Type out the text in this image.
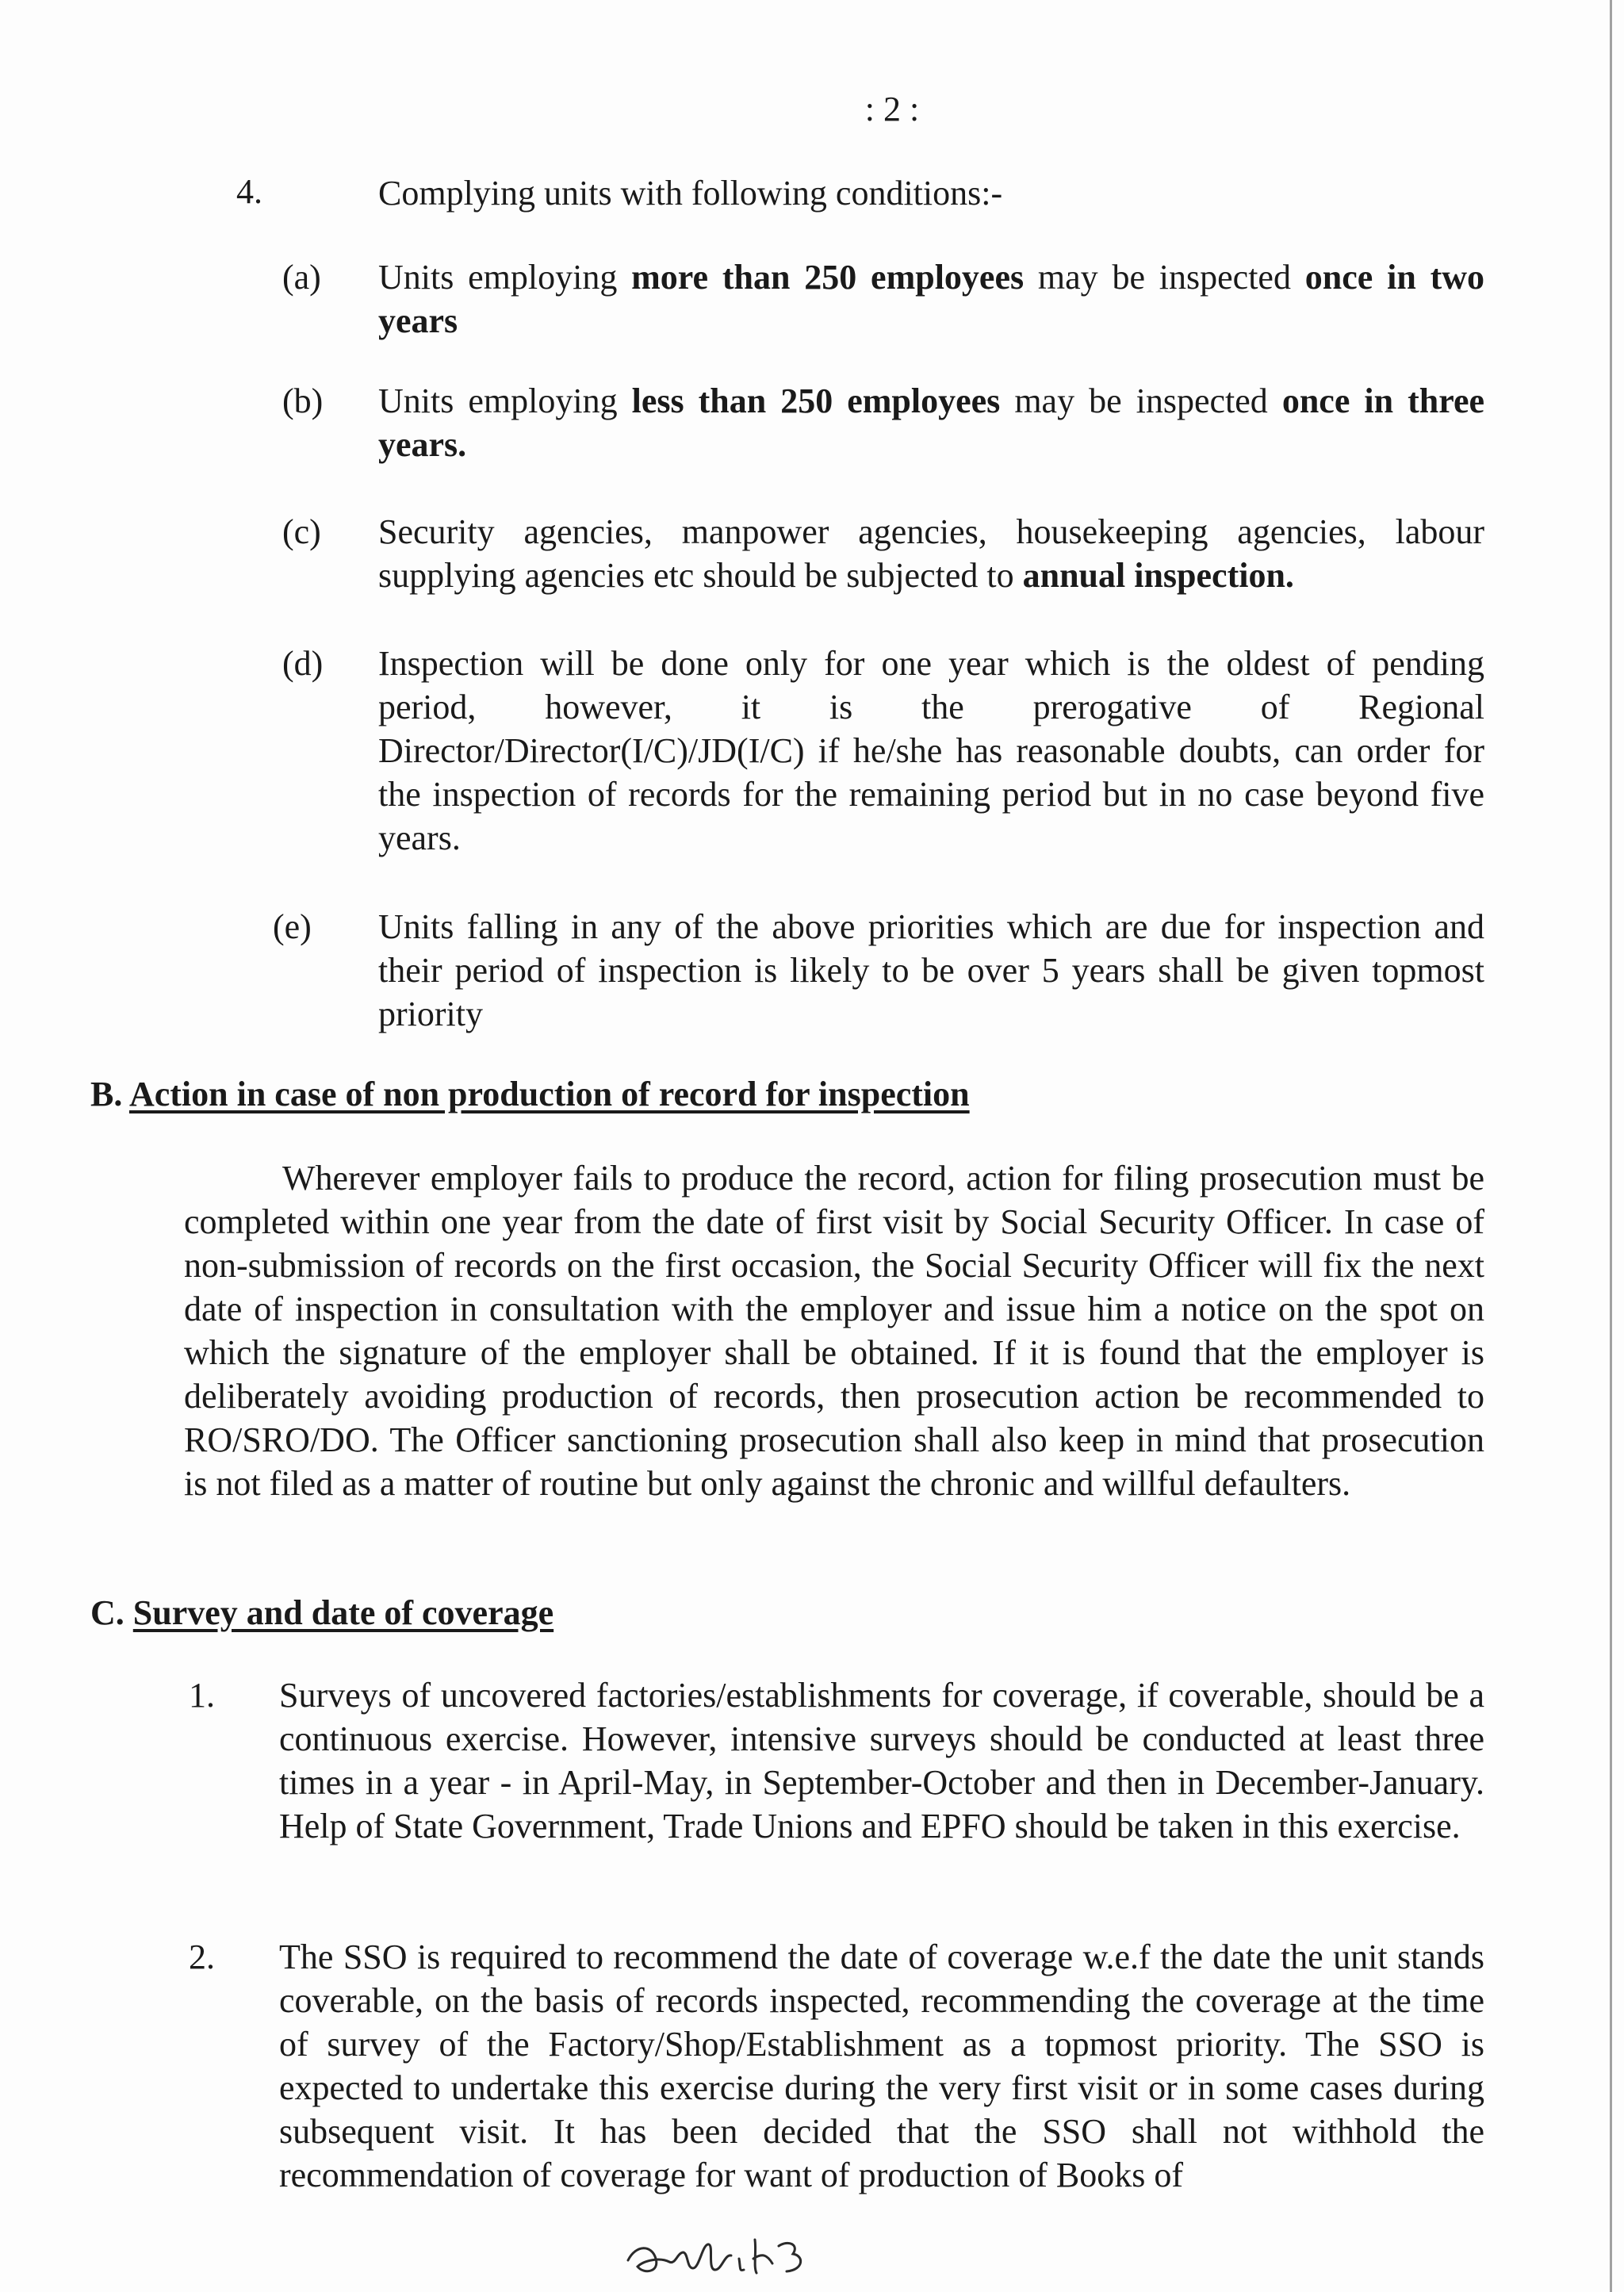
: 2 :
4.	Complying units with following conditions:-
(a) Units employing more than 250 employees may be inspected once in two years
(b) Units employing less than 250 employees may be inspected once in three years.
(c) Security agencies, manpower agencies, housekeeping agencies, labour supplying agencies etc should be subjected to annual inspection.
(d) Inspection will be done only for one year which is the oldest of pending period, however, it is the prerogative of Regional Director/Director(I/C)/JD(I/C) if he/she has reasonable doubts, can order for the inspection of records for the remaining period but in no case beyond five years.
(e) Units falling in any of the above priorities which are due for inspection and their period of inspection is likely to be over 5 years shall be given topmost priority
B. Action in case of non production of record for inspection
Wherever employer fails to produce the record, action for filing prosecution must be completed within one year from the date of first visit by Social Security Officer. In case of non-submission of records on the first occasion, the Social Security Officer will fix the next date of inspection in consultation with the employer and issue him a notice on the spot on which the signature of the employer shall be obtained. If it is found that the employer is deliberately avoiding production of records, then prosecution action be recommended to RO/SRO/DO. The Officer sanctioning prosecution shall also keep in mind that prosecution is not filed as a matter of routine but only against the chronic and willful defaulters.
C. Survey and date of coverage
1. Surveys of uncovered factories/establishments for coverage, if coverable, should be a continuous exercise. However, intensive surveys should be conducted at least three times in a year - in April-May, in September-October and then in December-January. Help of State Government, Trade Unions and EPFO should be taken in this exercise.
2. The SSO is required to recommend the date of coverage w.e.f the date the unit stands coverable, on the basis of records inspected, recommending the coverage at the time of survey of the Factory/Shop/Establishment as a topmost priority. The SSO is expected to undertake this exercise during the very first visit or in some cases during subsequent visit. It has been decided that the SSO shall not withhold the recommendation of coverage for want of production of Books of
